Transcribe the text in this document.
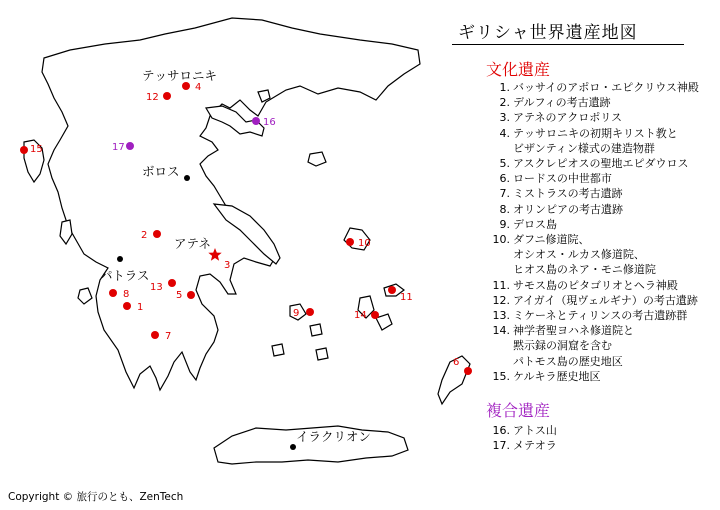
1
2
3
4
5
6
7
8
9
10
11
12
13
14
15
16
17
ギリシャ世界遺産地図
文化遺産
1. バッサイのアポロ・エピクリウス神殿
2. デルフィの考古遺跡
3. アテネのアクロポリス
4. テッサロニキの初期キリスト教と
ビザンティン様式の建造物群
5. アスクレピオスの聖地エピダウロス
6. ロードスの中世都市
7. ミストラスの考古遺跡
8. オリンピアの考古遺跡
9. デロス島
10. ダフニ修道院、
オシオス・ルカス修道院、
ヒオス島のネア・モニ修道院
11. サモス島のピタゴリオとヘラ神殿
12. アイガイ（現ヴェルギナ）の考古遺跡
13. ミケーネとティリンスの考古遺跡群
14. 神学者聖ヨハネ修道院と
黙示録の洞窟を含む
パトモス島の歴史地区
15. ケルキラ歴史地区
複合遺産
16. アトス山
17. メテオラ
テッサロニキ
ボロス
アテネ
パトラス
イラクリオン
Copyright © 旅行のとも、ZenTech
